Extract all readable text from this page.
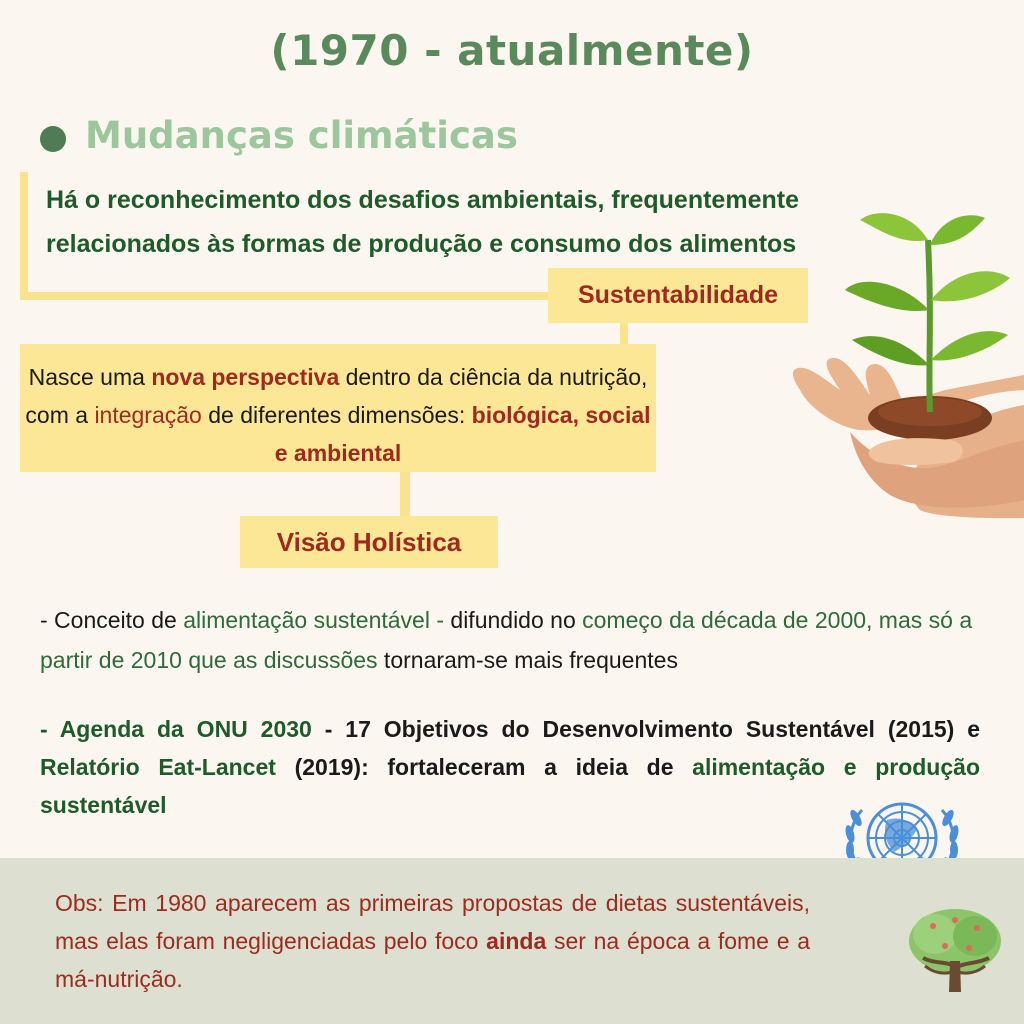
(1970 - atualmente)
Mudanças climáticas
Há o reconhecimento dos desafios ambientais, frequentemente relacionados às formas de produção e consumo dos alimentos
Sustentabilidade
Nasce uma nova perspectiva dentro da ciência da nutrição, com a integração de diferentes dimensões: biológica, social e ambiental
Visão Holística
- Conceito de alimentação sustentável - difundido no começo da década de 2000, mas só a partir de 2010 que as discussões tornaram-se mais frequentes
- Agenda da ONU 2030 - 17 Objetivos do Desenvolvimento Sustentável (2015) e Relatório Eat-Lancet (2019): fortaleceram a ideia de alimentação e produção sustentável
Obs: Em 1980 aparecem as primeiras propostas de dietas sustentáveis, mas elas foram negligenciadas pelo foco ainda ser na época a fome e a má-nutrição.
